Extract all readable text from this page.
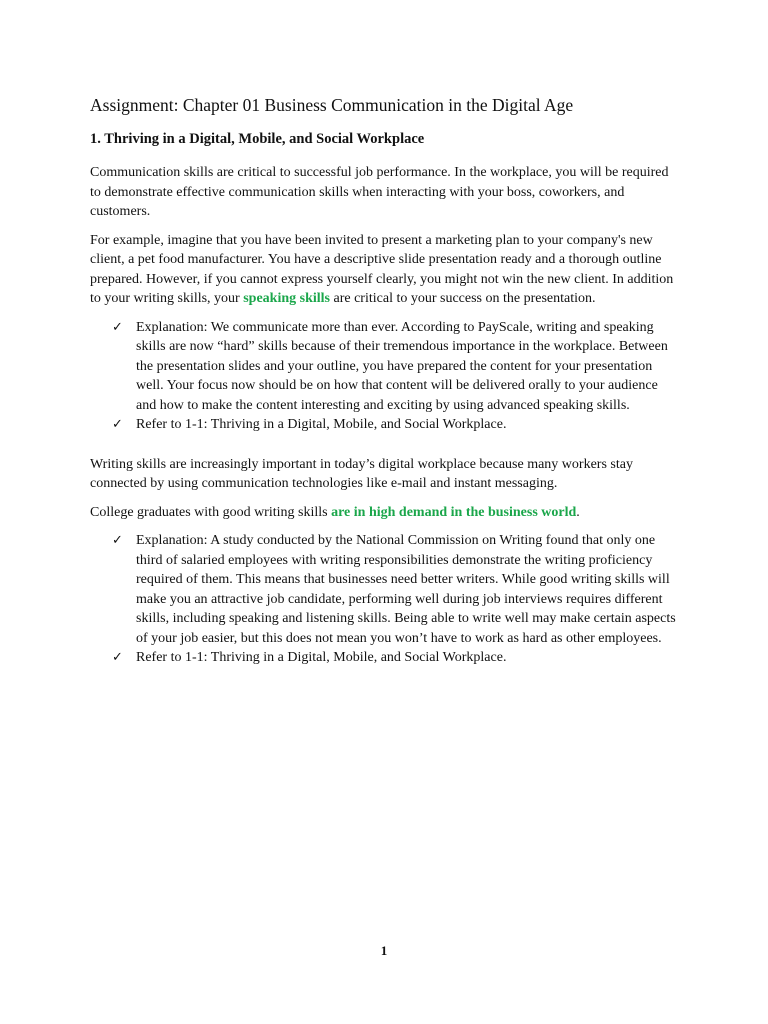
Assignment: Chapter 01 Business Communication in the Digital Age
1. Thriving in a Digital, Mobile, and Social Workplace

Communication skills are critical to successful job performance. In the workplace, you will be required to demonstrate effective communication skills when interacting with your boss, coworkers, and customers.

For example, imagine that you have been invited to present a marketing plan to your company's new client, a pet food manufacturer. You have a descriptive slide presentation ready and a thorough outline prepared. However, if you cannot express yourself clearly, you might not win the new client. In addition to your writing skills, your speaking skills are critical to your success on the presentation.

✓ Explanation: We communicate more than ever. According to PayScale, writing and speaking skills are now “hard” skills because of their tremendous importance in the workplace. Between the presentation slides and your outline, you have prepared the content for your presentation well. Your focus now should be on how that content will be delivered orally to your audience and how to make the content interesting and exciting by using advanced speaking skills.
✓ Refer to 1-1: Thriving in a Digital, Mobile, and Social Workplace.

Writing skills are increasingly important in today’s digital workplace because many workers stay connected by using communication technologies like e-mail and instant messaging.

College graduates with good writing skills are in high demand in the business world.

✓ Explanation: A study conducted by the National Commission on Writing found that only one third of salaried employees with writing responsibilities demonstrate the writing proficiency required of them. This means that businesses need better writers. While good writing skills will make you an attractive job candidate, performing well during job interviews requires different skills, including speaking and listening skills. Being able to write well may make certain aspects of your job easier, but this does not mean you won’t have to work as hard as other employees.
✓ Refer to 1-1: Thriving in a Digital, Mobile, and Social Workplace.
1
